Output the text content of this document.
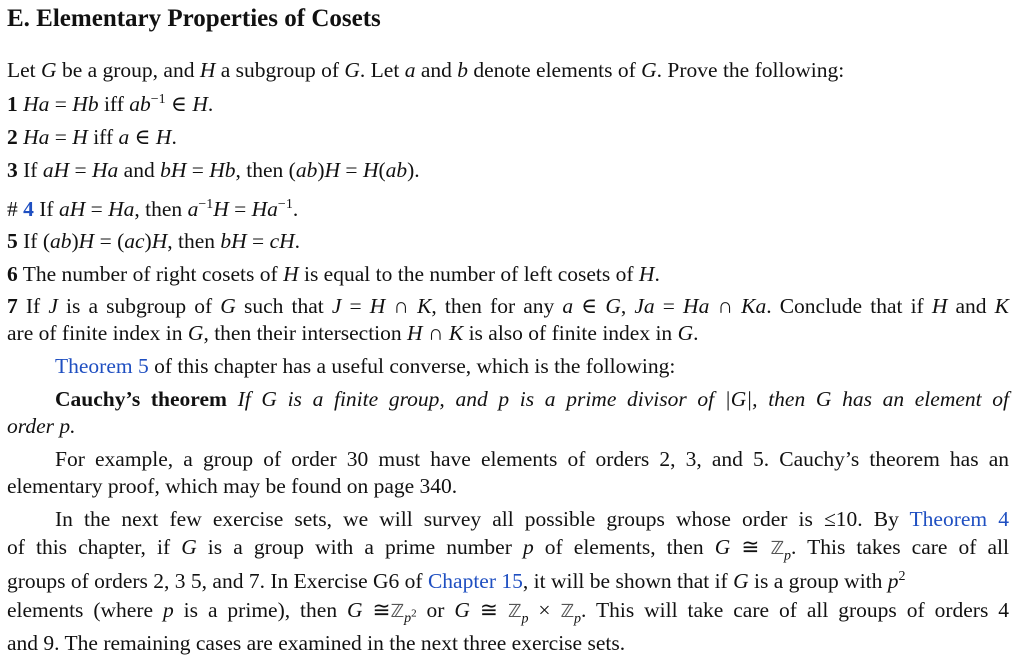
E. Elementary Properties of Cosets
Let G be a group, and H a subgroup of G. Let a and b denote elements of G. Prove the following:
1 Ha = Hb iff $ab^{-1}$ ∈ H.
2 Ha = H iff a ∈ H.
3 If aH = Ha and bH = Hb, then (ab)H = H(ab).
# 4 If aH = Ha, then $a^{-1}H = Ha^{-1}$.
5 If (ab)H = (ac)H, then bH = cH.
6 The number of right cosets of H is equal to the number of left cosets of H.
7 If J is a subgroup of G such that J = H ∩ K, then for any a ∈ G, Ja = Ha ∩ Ka. Conclude that if H and K
are of finite index in G, then their intersection H ∩ K is also of finite index in G.
Theorem 5 of this chapter has a useful converse, which is the following:
Cauchy’s theorem If G is a finite group, and p is a prime divisor of |G|, then G has an element of
order p.
For example, a group of order 30 must have elements of orders 2, 3, and 5. Cauchy’s theorem has an
elementary proof, which may be found on page 340.
In the next few exercise sets, we will survey all possible groups whose order is ≤10. By Theorem 4
of this chapter, if G is a group with a prime number p of elements, then G ≅ ℤ$_p$. This takes care of all
groups of orders 2, 3 5, and 7. In Exercise G6 of Chapter 15, it will be shown that if G is a group with $p^2$
elements (where p is a prime), then G ≅ℤ$_{p^2}$ or G ≅ ℤ$_p$ × ℤ$_p$. This will take care of all groups of orders 4
and 9. The remaining cases are examined in the next three exercise sets.
